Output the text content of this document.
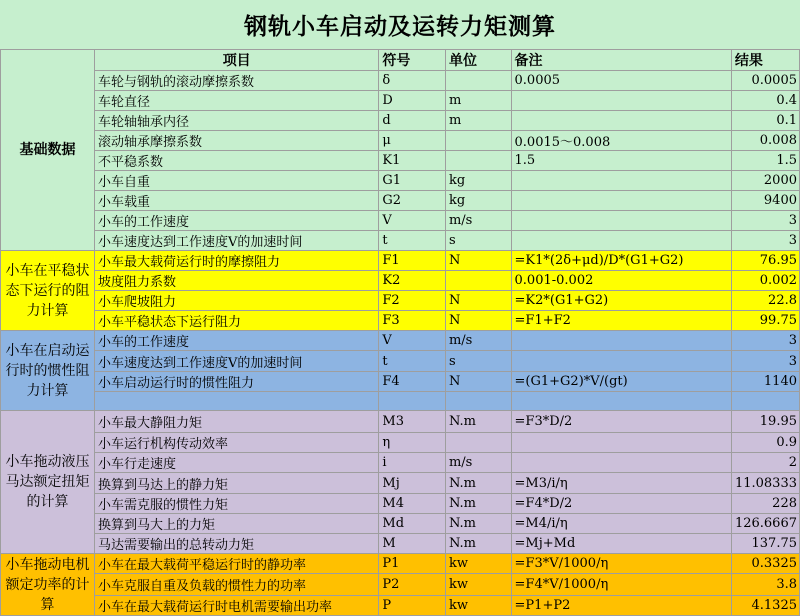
钢轨小车启动及运转力矩测算
基础数据	项目	符号	单位	备注	结果
	车轮与钢轨的滚动摩擦系数	δ		0.0005	0.0005
	车轮直径	D	m		0.4
	车轮轴轴承内径	d	m		0.1
	滚动轴承摩擦系数	μ		0.0015～0.008	0.008
	不平稳系数	K1		1.5	1.5
	小车自重	G1	kg		2000
	小车载重	G2	kg		9400
	小车的工作速度	V	m/s		3
	小车速度达到工作速度V的加速时间	t	s		3
小车在平稳状态下运行的阻力计算	小车最大载荷运行时的摩擦阻力	F1	N	=K1*(2δ+μd)/D*(G1+G2)	76.95
	坡度阻力系数	K2		0.001-0.002	0.002
	小车爬坡阻力	F2	N	=K2*(G1+G2)	22.8
	小车平稳状态下运行阻力	F3	N	=F1+F2	99.75
小车在启动运行时的惯性阻力计算	小车的工作速度	V	m/s		3
	小车速度达到工作速度V的加速时间	t	s		3
	小车启动运行时的惯性阻力	F4	N	=(G1+G2)*V/(gt)	1140

小车拖动液压马达额定扭矩的计算	小车最大静阻力矩	M3	N.m	=F3*D/2	19.95
	小车运行机构传动效率	η			0.9
	小车行走速度	i	m/s		2
	换算到马达上的静力矩	Mj	N.m	=M3/i/η	11.08333
	小车需克服的惯性力矩	M4	N.m	=F4*D/2	228
	换算到马大上的力矩	Md	N.m	=M4/i/η	126.6667
	马达需要输出的总转动力矩	M	N.m	=Mj+Md	137.75
小车拖动电机额定功率的计算	小车在最大载荷平稳运行时的静功率	P1	kw	=F3*V/1000/η	0.3325
	小车克服自重及负载的惯性力的功率	P2	kw	=F4*V/1000/η	3.8
	小车在最大载荷运行时电机需要输出功率	P	kw	=P1+P2	4.1325
